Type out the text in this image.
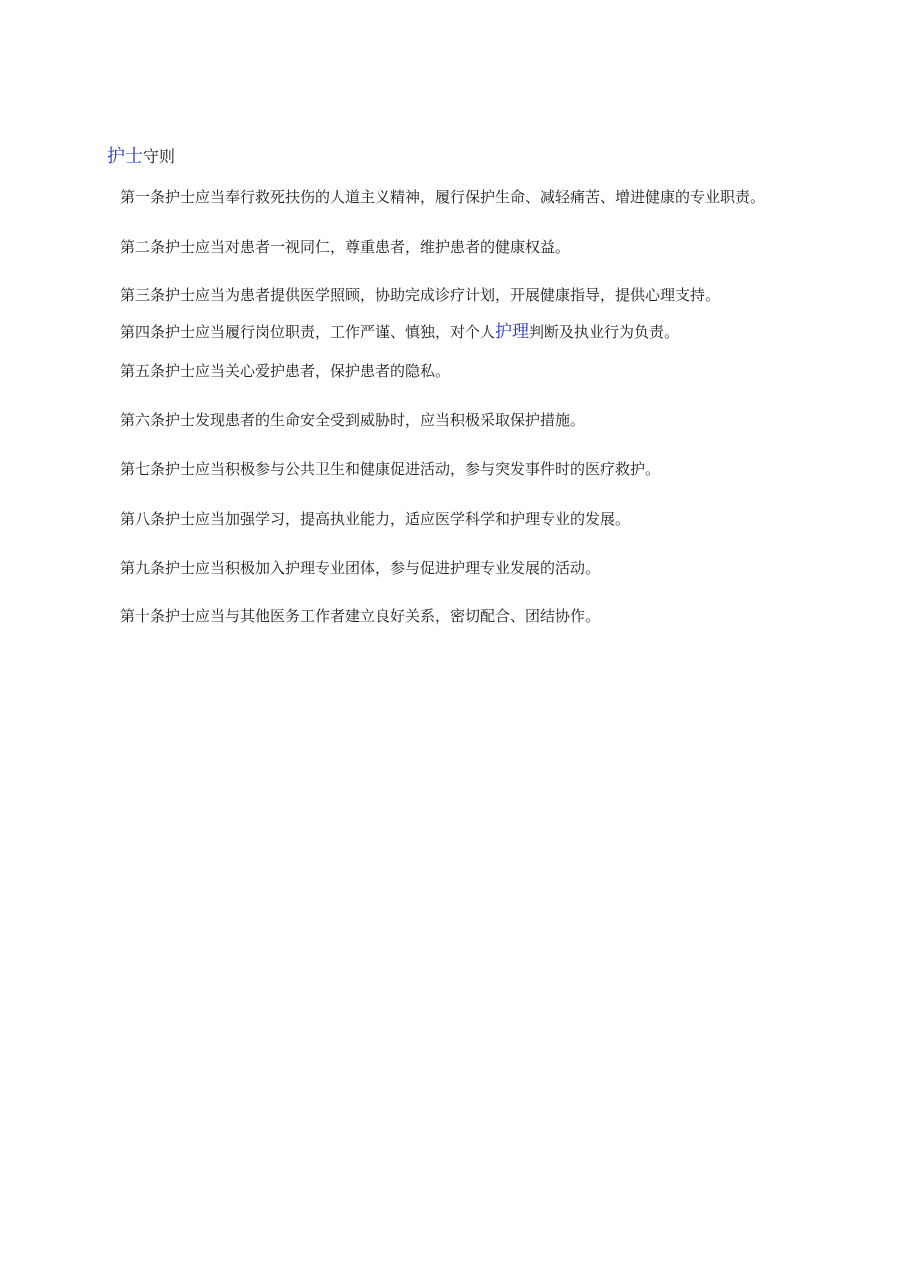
护士守则
第一条护士应当奉行救死扶伤的人道主义精神，履行保护生命、减轻痛苦、增进健康的专业职责。
第二条护士应当对患者一视同仁，尊重患者，维护患者的健康权益。
第三条护士应当为患者提供医学照顾，协助完成诊疗计划，开展健康指导，提供心理支持。
第四条护士应当履行岗位职责，工作严谨、慎独，对个人护理判断及执业行为负责。
第五条护士应当关心爱护患者，保护患者的隐私。
第六条护士发现患者的生命安全受到威胁时，应当积极采取保护措施。
第七条护士应当积极参与公共卫生和健康促进活动，参与突发事件时的医疗救护。
第八条护士应当加强学习，提高执业能力，适应医学科学和护理专业的发展。
第九条护士应当积极加入护理专业团体，参与促进护理专业发展的活动。
第十条护士应当与其他医务工作者建立良好关系，密切配合、团结协作。
